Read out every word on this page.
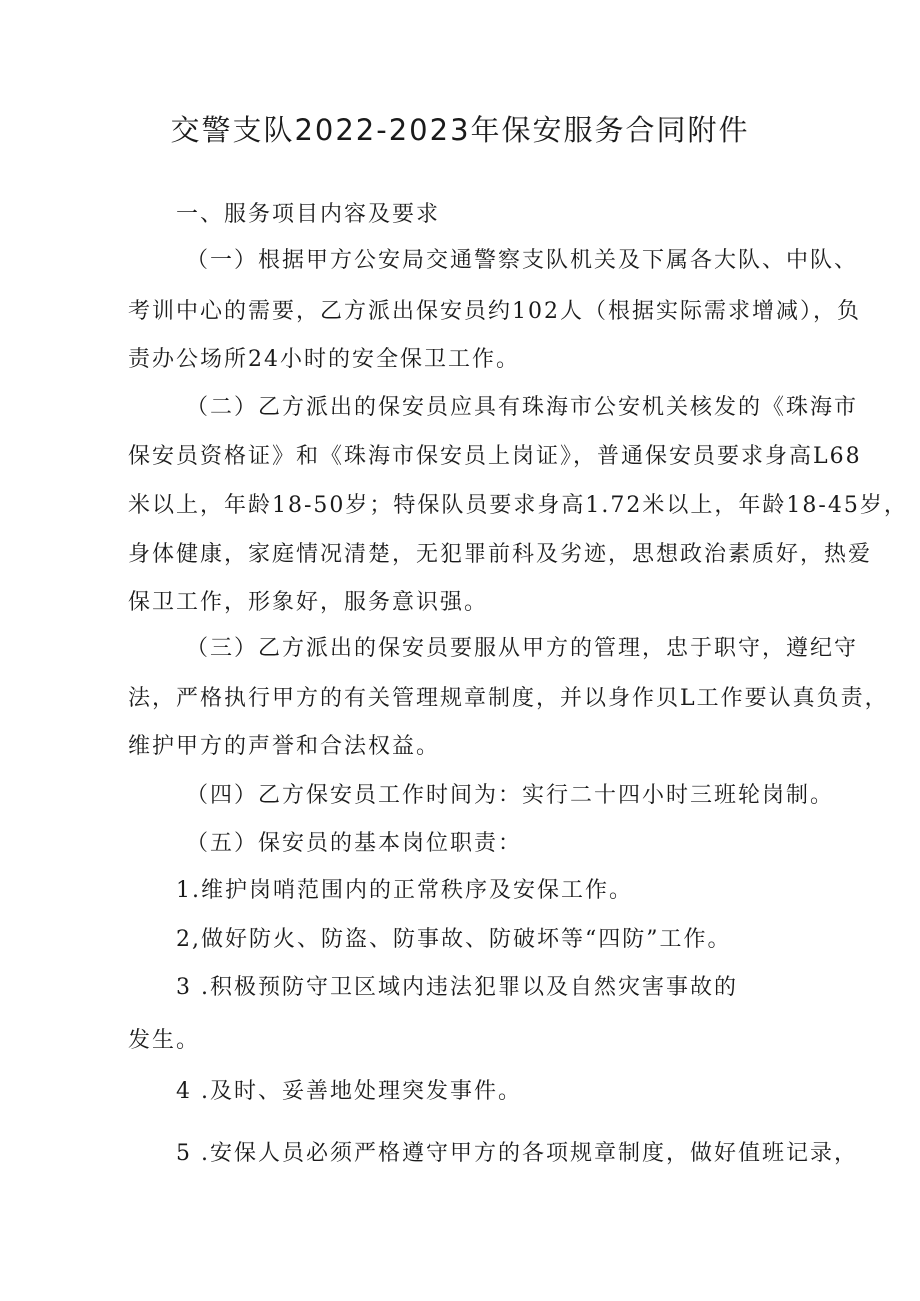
交警支队2022-2023年保安服务合同附件
一、服务项目内容及要求
（一）根据甲方公安局交通警察支队机关及下属各大队、中队、
考训中心的需要，乙方派出保安员约102人（根据实际需求增减），负
责办公场所24小时的安全保卫工作。
（二）乙方派出的保安员应具有珠海市公安机关核发的《珠海市
保安员资格证》和《珠海市保安员上岗证》，普通保安员要求身高L68
米以上，年龄18-50岁；特保队员要求身高1.72米以上，年龄18-45岁，
身体健康，家庭情况清楚，无犯罪前科及劣迹，思想政治素质好，热爱
保卫工作，形象好，服务意识强。
（三）乙方派出的保安员要服从甲方的管理，忠于职守，遵纪守
法，严格执行甲方的有关管理规章制度，并以身作贝L工作要认真负责，
维护甲方的声誉和合法权益。
（四）乙方保安员工作时间为：实行二十四小时三班轮岗制。
（五）保安员的基本岗位职责：
1.维护岗哨范围内的正常秩序及安保工作。
2,做好防火、防盗、防事故、防破坏等“四防”工作。
3 .积极预防守卫区域内违法犯罪以及自然灾害事故的
发生。
4 .及时、妥善地处理突发事件。
5 .安保人员必须严格遵守甲方的各项规章制度，做好值班记录，
